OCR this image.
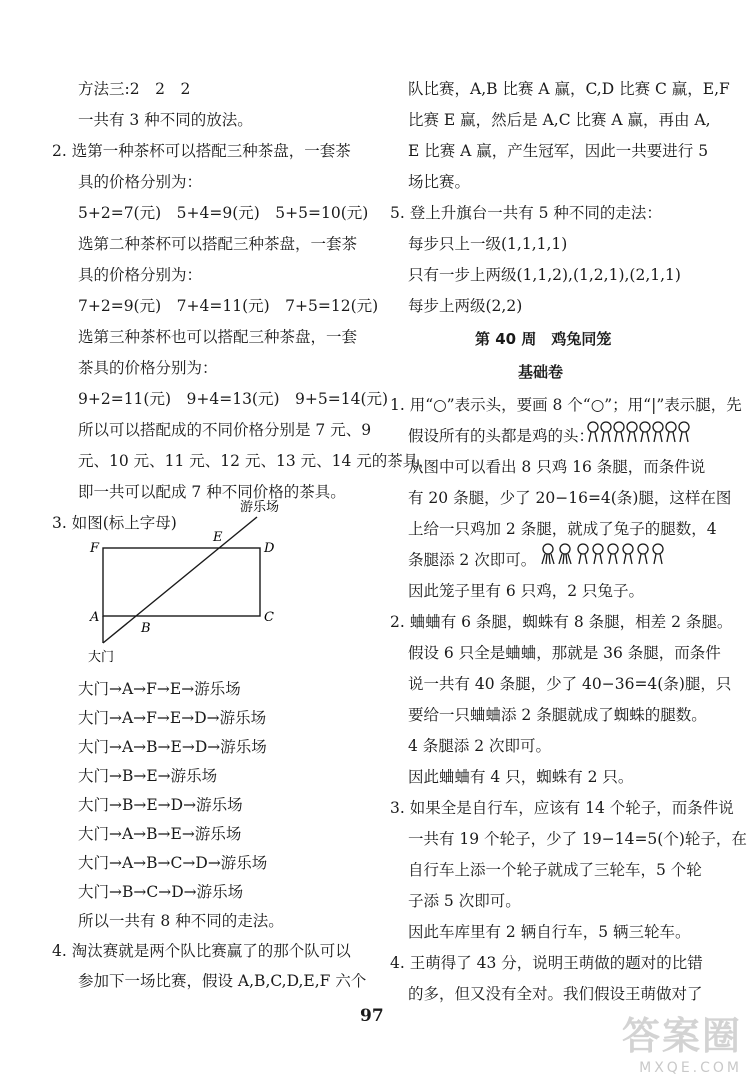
方法三:2　2　2
一共有 3 种不同的放法。
2. 选第一种茶杯可以搭配三种茶盘，一套茶
具的价格分别为：
5+2=7(元)　5+4=9(元)　5+5=10(元)
选第二种茶杯可以搭配三种茶盘，一套茶
具的价格分别为：
7+2=9(元)　7+4=11(元)　7+5=12(元)
选第三种茶杯也可以搭配三种茶盘，一套
茶具的价格分别为：
9+2=11(元)　9+4=13(元)　9+5=14(元)
所以可以搭配成的不同价格分别是 7 元、9
元、10 元、11 元、12 元、13 元、14 元的茶具，
即一共可以配成 7 种不同价格的茶具。
3. 如图(标上字母)
游乐场
F
E
D
A
B
C
大门
大门→A→F→E→游乐场
大门→A→F→E→D→游乐场
大门→A→B→E→D→游乐场
大门→B→E→游乐场
大门→B→E→D→游乐场
大门→A→B→E→游乐场
大门→A→B→C→D→游乐场
大门→B→C→D→游乐场
所以一共有 8 种不同的走法。
4. 淘汰赛就是两个队比赛赢了的那个队可以
参加下一场比赛，假设 A,B,C,D,E,F 六个
队比赛，A,B 比赛 A 赢，C,D 比赛 C 赢，E,F
比赛 E 赢，然后是 A,C 比赛 A 赢，再由 A,
E 比赛 A 赢，产生冠军，因此一共要进行 5
场比赛。
5. 登上升旗台一共有 5 种不同的走法：
每步只上一级(1,1,1,1)
只有一步上两级(1,1,2),(1,2,1),(2,1,1)
每步上两级(2,2)
第 40 周　鸡兔同笼
基础卷
1. 用“○”表示头，要画 8 个“○”；用“|”表示腿，先
假设所有的头都是鸡的头：
从图中可以看出 8 只鸡 16 条腿，而条件说
有 20 条腿，少了 20−16=4(条)腿，这样在图
上给一只鸡加 2 条腿，就成了兔子的腿数，4
条腿添 2 次即可。
因此笼子里有 6 只鸡，2 只兔子。
2. 蛐蛐有 6 条腿，蜘蛛有 8 条腿，相差 2 条腿。
假设 6 只全是蛐蛐，那就是 36 条腿，而条件
说一共有 40 条腿，少了 40−36=4(条)腿，只
要给一只蛐蛐添 2 条腿就成了蜘蛛的腿数。
4 条腿添 2 次即可。
因此蛐蛐有 4 只，蜘蛛有 2 只。
3. 如果全是自行车，应该有 14 个轮子，而条件说
一共有 19 个轮子，少了 19−14=5(个)轮子，在
自行车上添一个轮子就成了三轮车，5 个轮
子添 5 次即可。
因此车库里有 2 辆自行车，5 辆三轮车。
4. 王萌得了 43 分，说明王萌做的题对的比错
的多，但又没有全对。我们假设王萌做对了
97	答案圈
MXQE.COM
